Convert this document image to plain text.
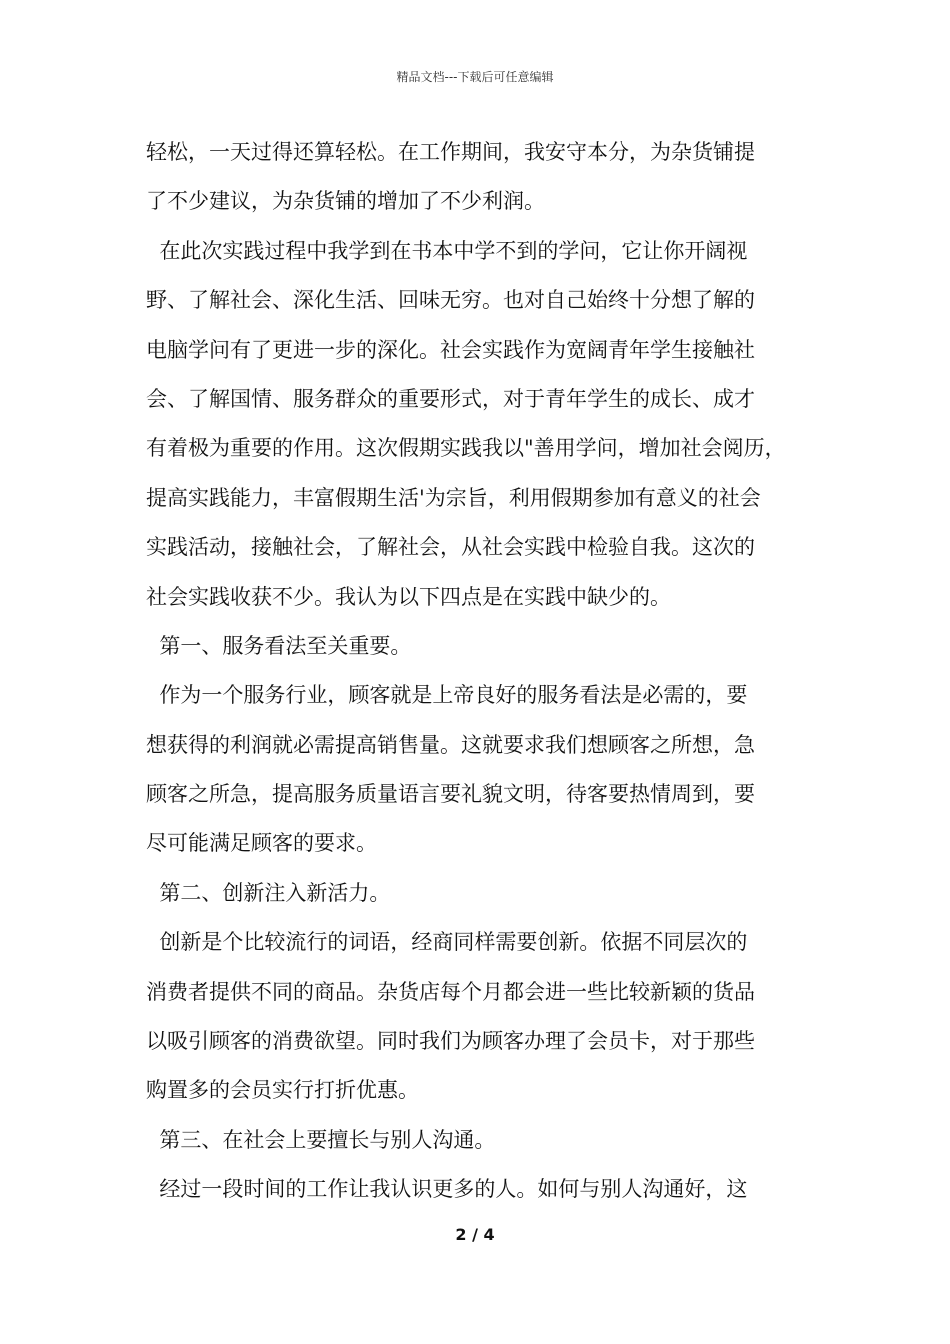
精品文档---下载后可任意编辑
轻松，一天过得还算轻松。在工作期间，我安守本分，为杂货铺提
了不少建议，为杂货铺的增加了不少利润。
在此次实践过程中我学到在书本中学不到的学问，它让你开阔视
野、了解社会、深化生活、回味无穷。也对自己始终十分想了解的
电脑学问有了更进一步的深化。社会实践作为宽阔青年学生接触社
会、了解国情、服务群众的重要形式，对于青年学生的成长、成才
有着极为重要的作用。这次假期实践我以"善用学问，增加社会阅历，
提高实践能力，丰富假期生活'为宗旨，利用假期参加有意义的社会
实践活动，接触社会，了解社会，从社会实践中检验自我。这次的
社会实践收获不少。我认为以下四点是在实践中缺少的。
第一、服务看法至关重要。
作为一个服务行业，顾客就是上帝良好的服务看法是必需的，要
想获得的利润就必需提高销售量。这就要求我们想顾客之所想，急
顾客之所急，提高服务质量语言要礼貌文明，待客要热情周到，要
尽可能满足顾客的要求。
第二、创新注入新活力。
创新是个比较流行的词语，经商同样需要创新。依据不同层次的
消费者提供不同的商品。杂货店每个月都会进一些比较新颖的货品
以吸引顾客的消费欲望。同时我们为顾客办理了会员卡，对于那些
购置多的会员实行打折优惠。
第三、在社会上要擅长与别人沟通。
经过一段时间的工作让我认识更多的人。如何与别人沟通好，这
2 / 4
